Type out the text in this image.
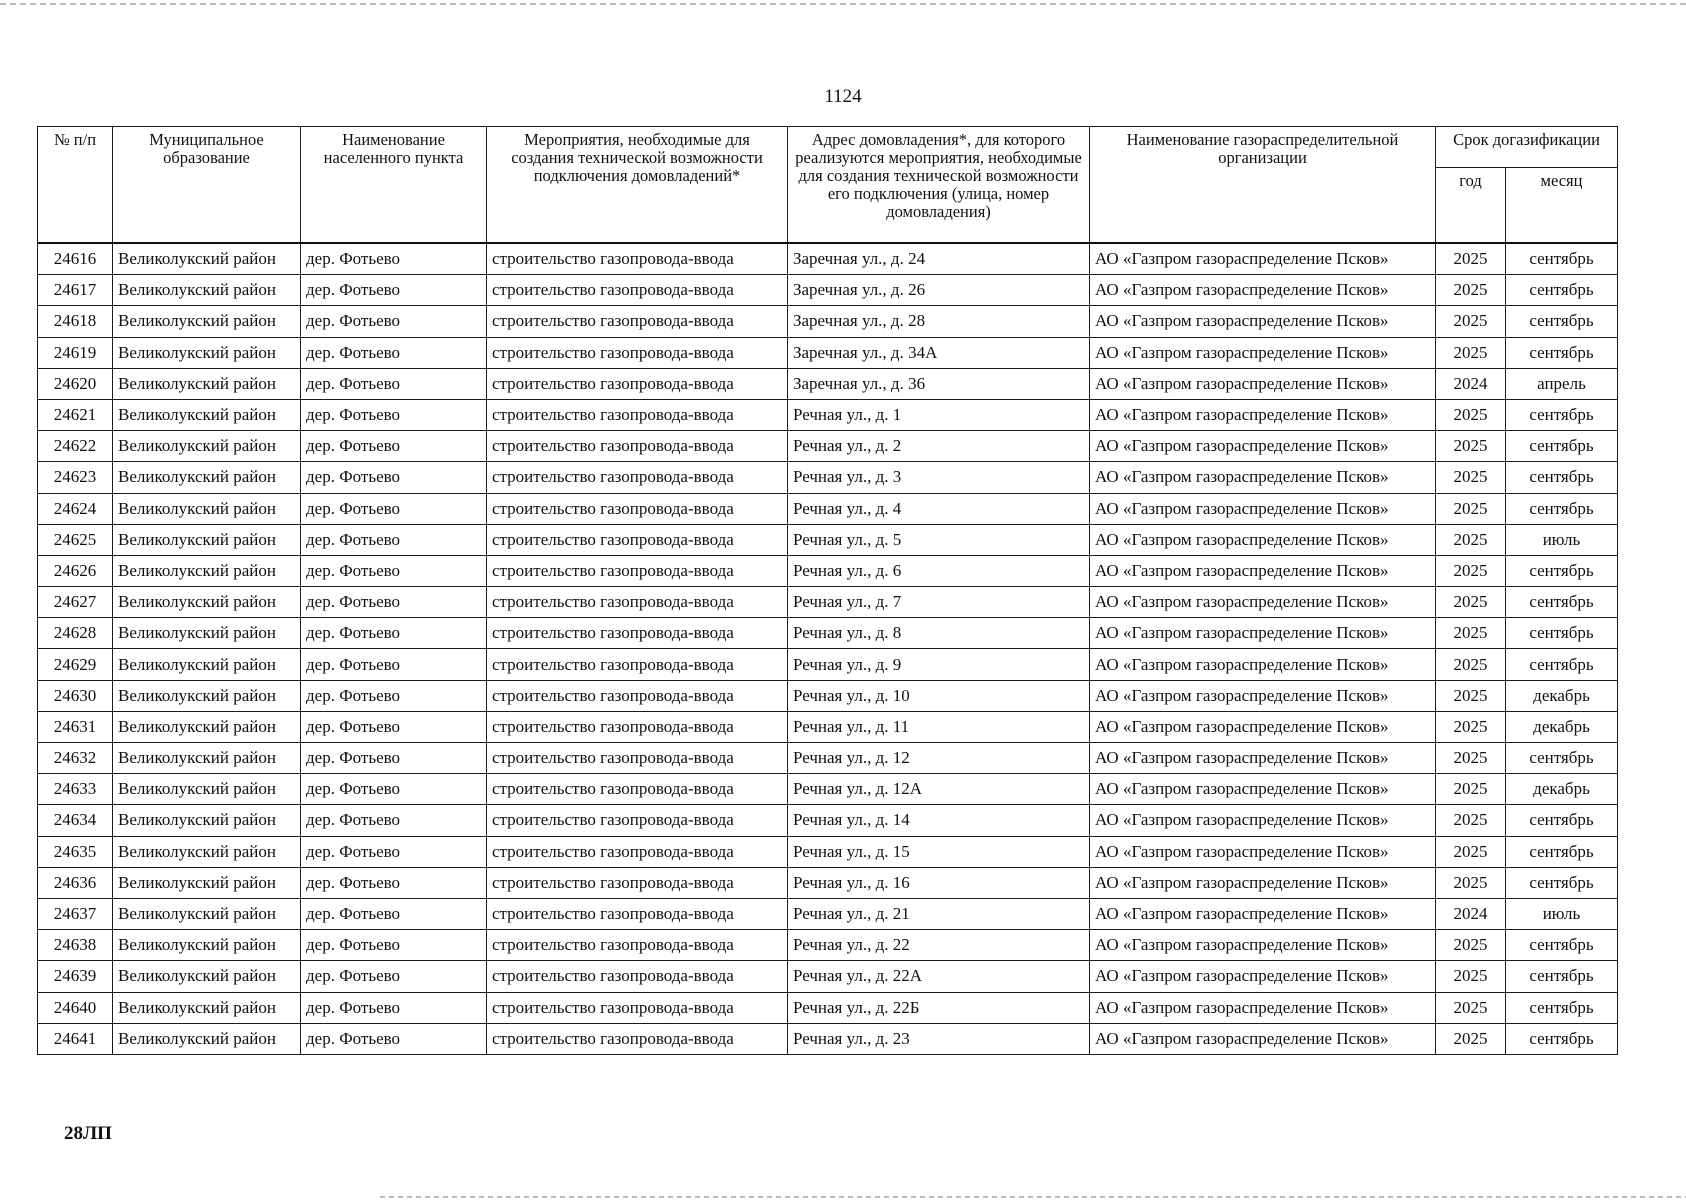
1124
№ п/п	Муниципальное образование	Наименование населенного пункта	Мероприятия, необходимые для создания технической возможности подключения домовладений*	Адрес домовладения*, для которого реализуются мероприятия, необходимые для создания технической возможности его подключения (улица, номер домовладения)	Наименование газораспределительной организации	Срок догазификации	
						год	месяц
24616	Великолукский район	дер. Фотьево	строительство газопровода-ввода	Заречная ул., д. 24	АО «Газпром газораспределение Псков»	2025	сентябрь
24617	Великолукский район	дер. Фотьево	строительство газопровода-ввода	Заречная ул., д. 26	АО «Газпром газораспределение Псков»	2025	сентябрь
24618	Великолукский район	дер. Фотьево	строительство газопровода-ввода	Заречная ул., д. 28	АО «Газпром газораспределение Псков»	2025	сентябрь
24619	Великолукский район	дер. Фотьево	строительство газопровода-ввода	Заречная ул., д. 34А	АО «Газпром газораспределение Псков»	2025	сентябрь
24620	Великолукский район	дер. Фотьево	строительство газопровода-ввода	Заречная ул., д. 36	АО «Газпром газораспределение Псков»	2024	апрель
24621	Великолукский район	дер. Фотьево	строительство газопровода-ввода	Речная ул., д. 1	АО «Газпром газораспределение Псков»	2025	сентябрь
24622	Великолукский район	дер. Фотьево	строительство газопровода-ввода	Речная ул., д. 2	АО «Газпром газораспределение Псков»	2025	сентябрь
24623	Великолукский район	дер. Фотьево	строительство газопровода-ввода	Речная ул., д. 3	АО «Газпром газораспределение Псков»	2025	сентябрь
24624	Великолукский район	дер. Фотьево	строительство газопровода-ввода	Речная ул., д. 4	АО «Газпром газораспределение Псков»	2025	сентябрь
24625	Великолукский район	дер. Фотьево	строительство газопровода-ввода	Речная ул., д. 5	АО «Газпром газораспределение Псков»	2025	июль
24626	Великолукский район	дер. Фотьево	строительство газопровода-ввода	Речная ул., д. 6	АО «Газпром газораспределение Псков»	2025	сентябрь
24627	Великолукский район	дер. Фотьево	строительство газопровода-ввода	Речная ул., д. 7	АО «Газпром газораспределение Псков»	2025	сентябрь
24628	Великолукский район	дер. Фотьево	строительство газопровода-ввода	Речная ул., д. 8	АО «Газпром газораспределение Псков»	2025	сентябрь
24629	Великолукский район	дер. Фотьево	строительство газопровода-ввода	Речная ул., д. 9	АО «Газпром газораспределение Псков»	2025	сентябрь
24630	Великолукский район	дер. Фотьево	строительство газопровода-ввода	Речная ул., д. 10	АО «Газпром газораспределение Псков»	2025	декабрь
24631	Великолукский район	дер. Фотьево	строительство газопровода-ввода	Речная ул., д. 11	АО «Газпром газораспределение Псков»	2025	декабрь
24632	Великолукский район	дер. Фотьево	строительство газопровода-ввода	Речная ул., д. 12	АО «Газпром газораспределение Псков»	2025	сентябрь
24633	Великолукский район	дер. Фотьево	строительство газопровода-ввода	Речная ул., д. 12А	АО «Газпром газораспределение Псков»	2025	декабрь
24634	Великолукский район	дер. Фотьево	строительство газопровода-ввода	Речная ул., д. 14	АО «Газпром газораспределение Псков»	2025	сентябрь
24635	Великолукский район	дер. Фотьево	строительство газопровода-ввода	Речная ул., д. 15	АО «Газпром газораспределение Псков»	2025	сентябрь
24636	Великолукский район	дер. Фотьево	строительство газопровода-ввода	Речная ул., д. 16	АО «Газпром газораспределение Псков»	2025	сентябрь
24637	Великолукский район	дер. Фотьево	строительство газопровода-ввода	Речная ул., д. 21	АО «Газпром газораспределение Псков»	2024	июль
24638	Великолукский район	дер. Фотьево	строительство газопровода-ввода	Речная ул., д. 22	АО «Газпром газораспределение Псков»	2025	сентябрь
24639	Великолукский район	дер. Фотьево	строительство газопровода-ввода	Речная ул., д. 22А	АО «Газпром газораспределение Псков»	2025	сентябрь
24640	Великолукский район	дер. Фотьево	строительство газопровода-ввода	Речная ул., д. 22Б	АО «Газпром газораспределение Псков»	2025	сентябрь
24641	Великолукский район	дер. Фотьево	строительство газопровода-ввода	Речная ул., д. 23	АО «Газпром газораспределение Псков»	2025	сентябрь
28ЛП
